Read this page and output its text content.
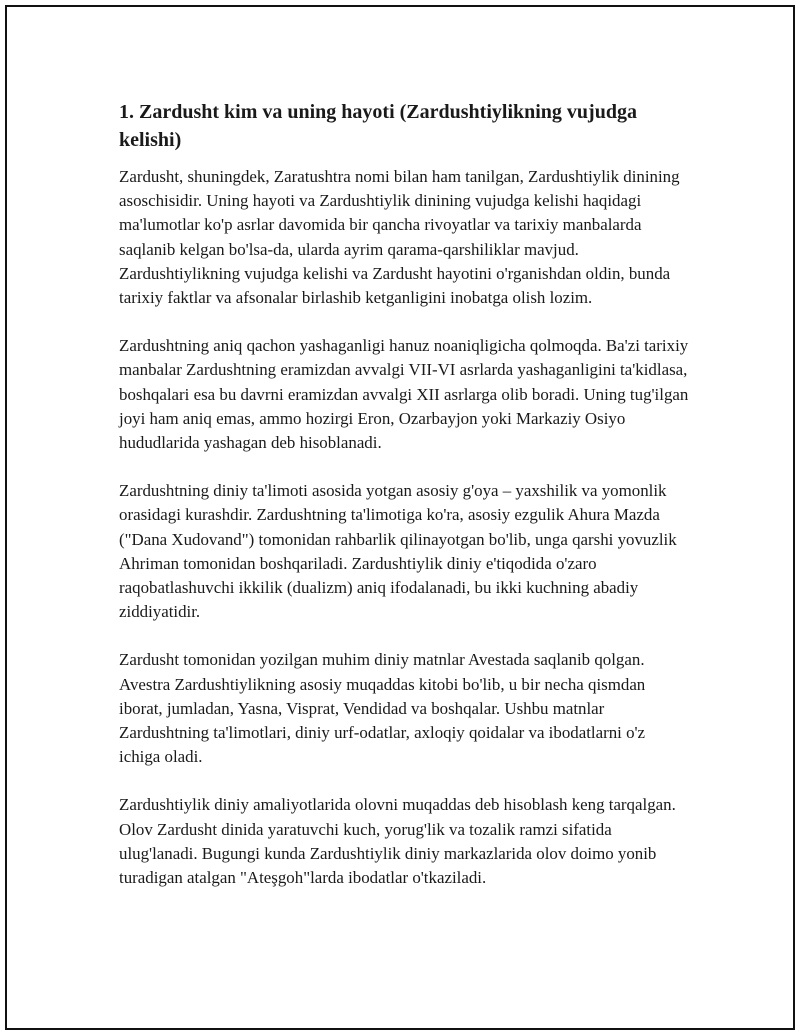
1. Zardusht kim va uning hayoti (Zardushtiylikning vujudga kelishi)

Zardusht, shuningdek, Zaratushtra nomi bilan ham tanilgan, Zardushtiylik dinining asoschisidir. Uning hayoti va Zardushtiylik dinining vujudga kelishi haqidagi ma'lumotlar ko'p asrlar davomida bir qancha rivoyatlar va tarixiy manbalarda saqlanib kelgan bo'lsa-da, ularda ayrim qarama-qarshiliklar mavjud. Zardushtiylikning vujudga kelishi va Zardusht hayotini o'rganishdan oldin, bunda tarixiy faktlar va afsonalar birlashib ketganligini inobatga olish lozim.

Zardushtning aniq qachon yashaganligi hanuz noaniqligicha qolmoqda. Ba'zi tarixiy manbalar Zardushtning eramizdan avvalgi VII-VI asrlarda yashaganligini ta'kidlasa, boshqalari esa bu davrni eramizdan avvalgi XII asrlarga olib boradi. Uning tug'ilgan joyi ham aniq emas, ammo hozirgi Eron, Ozarbayjon yoki Markaziy Osiyo hududlarida yashagan deb hisoblanadi.

Zardushtning diniy ta'limoti asosida yotgan asosiy g'oya – yaxshilik va yomonlik orasidagi kurashdir. Zardushtning ta'limotiga ko'ra, asosiy ezgulik Ahura Mazda ("Dana Xudovand") tomonidan rahbarlik qilinayotgan bo'lib, unga qarshi yovuzlik Ahriman tomonidan boshqariladi. Zardushtiylik diniy e'tiqodida o'zaro raqobatlashuvchi ikkilik (dualizm) aniq ifodalanadi, bu ikki kuchning abadiy ziddiyatidir.

Zardusht tomonidan yozilgan muhim diniy matnlar Avestada saqlanib qolgan. Avestra Zardushtiylikning asosiy muqaddas kitobi bo'lib, u bir necha qismdan iborat, jumladan, Yasna, Visprat, Vendidad va boshqalar. Ushbu matnlar Zardushtning ta'limotlari, diniy urf-odatlar, axloqiy qoidalar va ibodatlarni o'z ichiga oladi.

Zardushtiylik diniy amaliyotlarida olovni muqaddas deb hisoblash keng tarqalgan. Olov Zardusht dinida yaratuvchi kuch, yorug'lik va tozalik ramzi sifatida ulug'lanadi. Bugungi kunda Zardushtiylik diniy markazlarida olov doimo yonib turadigan atalgan "Ateşgoh"larda ibodatlar o'tkaziladi.
